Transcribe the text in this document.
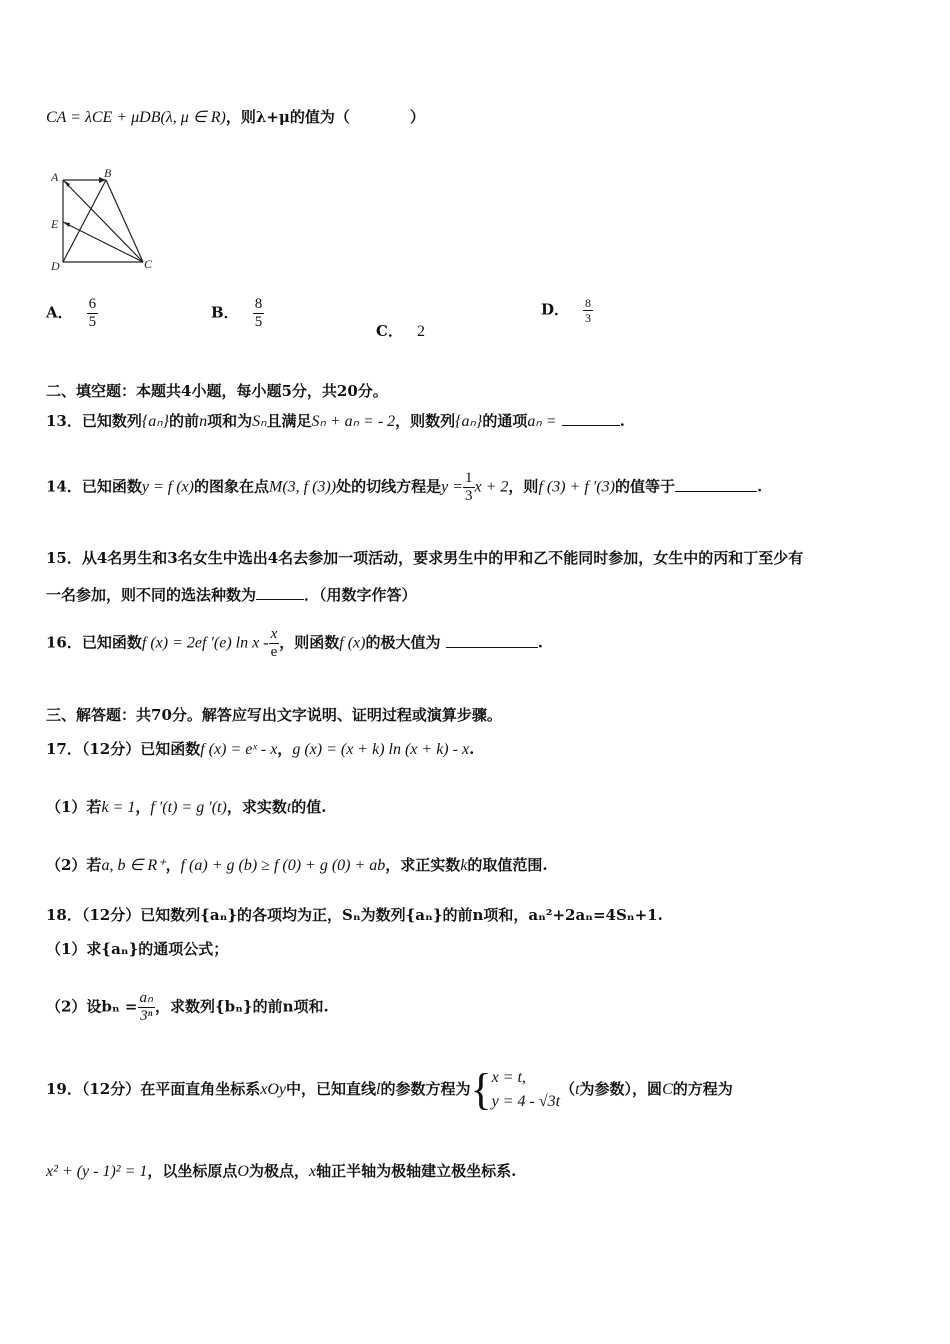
CA = λCE + μDB(λ, μ ∈ R)，则λ+μ的值为（　　　　）
A	B
E
D	C
A． $\frac{6}{5}$	B． $\frac{8}{5}$	C． 2
D． $\frac{8}{3}$
二、填空题：本题共4小题，每小题5分，共20分。
13．已知数列{aₙ}的前n项和为Sₙ且满足Sₙ + aₙ = - 2，则数列{aₙ}的通项aₙ =	.
14．已知函数y = f (x)的图象在点M(3, f (3))处的切线方程是$y = \frac{1}{3}$ x + 2，则f (3) + f ′(3)的值等于	.
15．从4名男生和3名女生中选出4名去参加一项活动，要求男生中的甲和乙不能同时参加，女生中的丙和丁至少有
一名参加，则不同的选法种数为	．（用数字作答）
16．已知函数f (x) = 2ef ′(e) ln x - $\frac{x}{e}$ ，则函数f (x)的极大值为	.
三、解答题：共70分。解答应写出文字说明、证明过程或演算步骤。
17．（12分）已知函数f (x) = eˣ - x，g (x) = (x + k) ln (x + k) - x.
（1）若k = 1，f ′(t) = g ′(t)，求实数t的值.
（2）若a, b ∈ R⁺，f (a) + g (b) ≥ f (0) + g (0) + ab，求正实数k的取值范围.
18．（12分）已知数列{aₙ}的各项均为正，Sₙ为数列{aₙ}的前n项和，aₙ²+2aₙ=4Sₙ+1.
（1）求{aₙ}的通项公式；
（2）设$b_n = \frac{\text{aₙ}}{\text{3ⁿ}}$ ，求数列{bₙ}的前n项和.
19．（12分）在平面直角坐标系xOy中，已知直线l的参数方程为{ x = t,
y = 4 - √3t
（t为参数），圆C的方程为
x² + (y - 1)² = 1，以坐标原点O为极点，x轴正半轴为极轴建立极坐标系.
